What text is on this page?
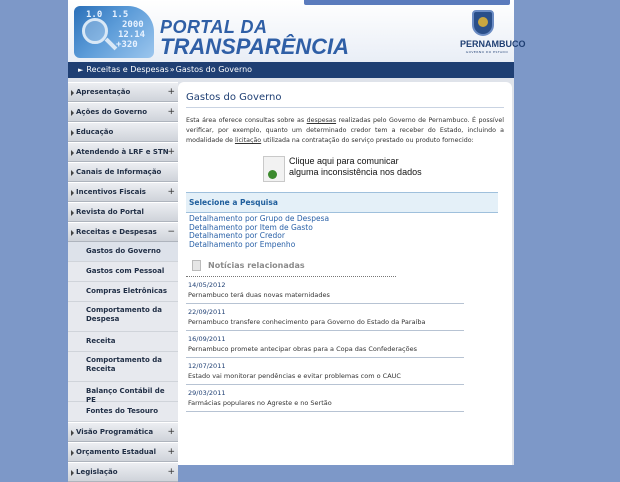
1.5
2000
12.14
+320
1.0
PORTAL DA
TRANSPARÊNCIA	PERNAMBUCO
GOVERNO DO ESTADO
► Receitas e Despesas»Gastos do Governo
Apresentação	+
Ações do Governo +
Educação
Atendendo à LRF e STN
+
Canais de Informação
Incentivos Fiscais +
Revista do Portal
Receitas e Despesas −
Gastos do Governo
Gastos com Pessoal
Compras Eletrônicas
Comportamento da Despesa
Receita
Comportamento da Receita
Balanço Contábil de PE
Fontes do Tesouro
Visão Programática +
Orçamento Estadual +
Legislação	+
Gastos do Governo

Esta área oferece consultas sobre as despesas realizadas pelo Governo de Pernambuco. É possível verificar, por exemplo, quanto um determinado credor tem a receber do Estado, incluindo a modalidade de licitação utilizada na contratação do serviço prestado ou produto fornecido:

Clique aqui para comunicar
alguma inconsistência nos dados
Selecione a Pesquisa
Detalhamento por Grupo de Despesa
Detalhamento por Item de Gasto
Detalhamento por Credor
Detalhamento por Empenho
Notícias relacionadas
14/05/2012
Pernambuco terá duas novas maternidades
22/09/2011
Pernambuco transfere conhecimento para Governo do Estado da Paraíba
16/09/2011
Pernambuco promete antecipar obras para a Copa das Confederações
12/07/2011
Estado vai monitorar pendências e evitar problemas com o CAUC
29/03/2011
Farmácias populares no Agreste e no Sertão
